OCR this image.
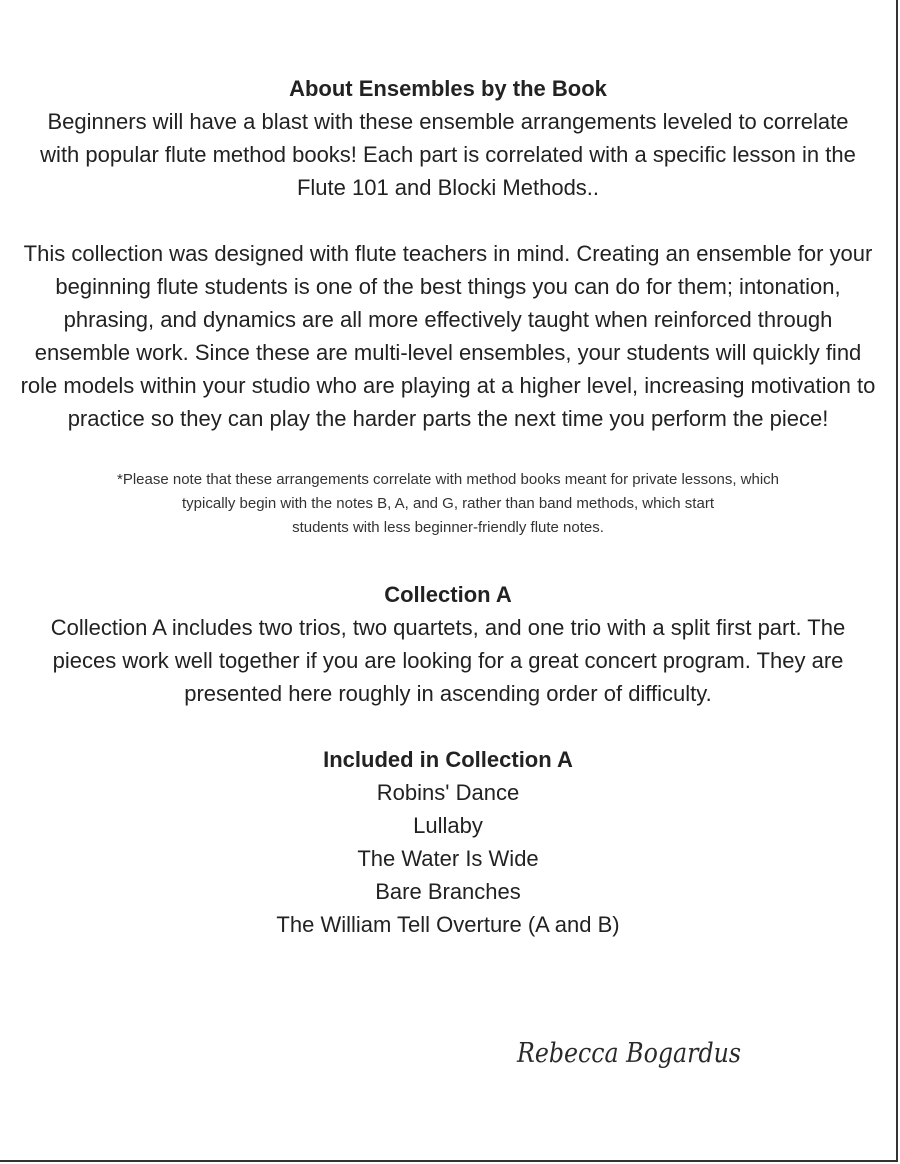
About Ensembles by the Book

Beginners will have a blast with these ensemble arrangements leveled to correlate with popular flute method books! Each part is correlated with a specific lesson in the Flute 101 and Blocki Methods..

This collection was designed with flute teachers in mind. Creating an ensemble for your beginning flute students is one of the best things you can do for them; intonation, phrasing, and dynamics are all more effectively taught when reinforced through ensemble work. Since these are multi-level ensembles, your students will quickly find role models within your studio who are playing at a higher level, increasing motivation to practice so they can play the harder parts the next time you perform the piece!

*Please note that these arrangements correlate with method books meant for private lessons, which

typically begin with the notes B, A, and G, rather than band methods, which start

students with less beginner-friendly flute notes.

Collection A

Collection A includes two trios, two quartets, and one trio with a split first part. The pieces work well together if you are looking for a great concert program. They are presented here roughly in ascending order of difficulty.

Included in Collection A

Robins' Dance
Lullaby
The Water Is Wide
Bare Branches
The William Tell Overture (A and B)
Rebecca Bogardus
